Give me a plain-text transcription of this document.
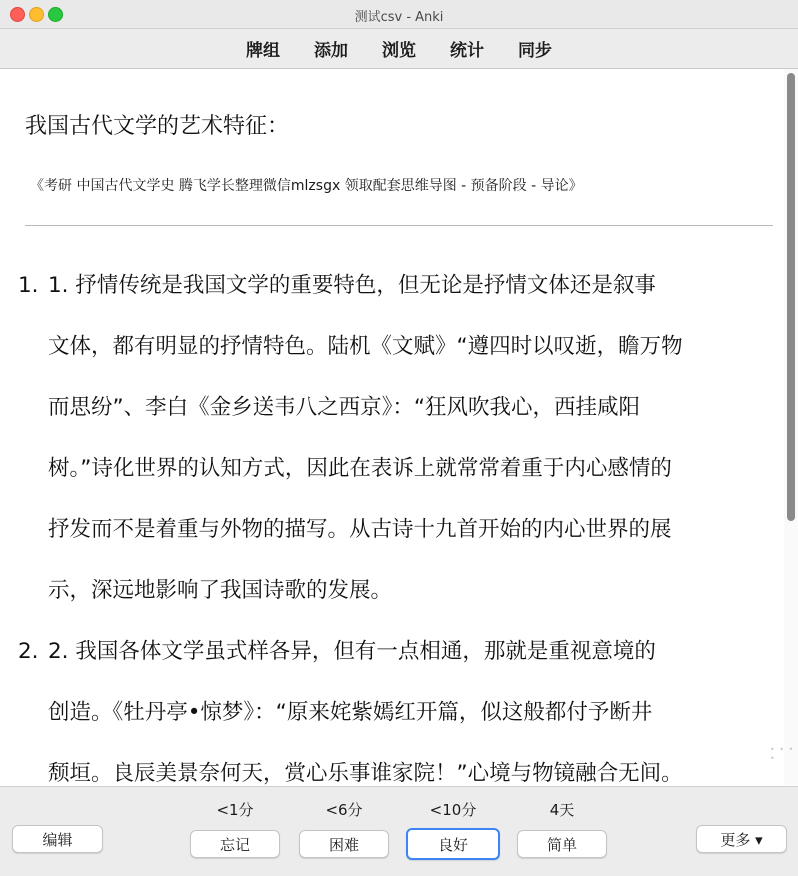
测试csv - Anki
牌组 添加 浏览 统计 同步
我国古代文学的艺术特征：
《考研 中国古代文学史 腾飞学长整理微信mlzsgx 领取配套思维导图 - 预备阶段 - 导论》
1. 1. 抒情传统是我国文学的重要特色，但无论是抒情文体还是叙事
文体，都有明显的抒情特色。陆机《文赋》“遵四时以叹逝，瞻万物
而思纷”、李白《金乡送韦八之西京》：“狂风吹我心，西挂咸阳
树。”诗化世界的认知方式，因此在表诉上就常常着重于内心感情的
抒发而不是着重与外物的描写。从古诗十九首开始的内心世界的展
示，深远地影响了我国诗歌的发展。
2. 2. 我国各体文学虽式样各异，但有一点相通，那就是重视意境的
创造。《牡丹亭•惊梦》：“原来姹紫嫣红开篇，似这般都付予断井
颓垣。良辰美景奈何天，赏心乐事谁家院！”心境与物镜融合无间。
• • • •
编辑
<1分	<6分	<10分	4天
忘记	困难	良好	简单	更多 ▾
